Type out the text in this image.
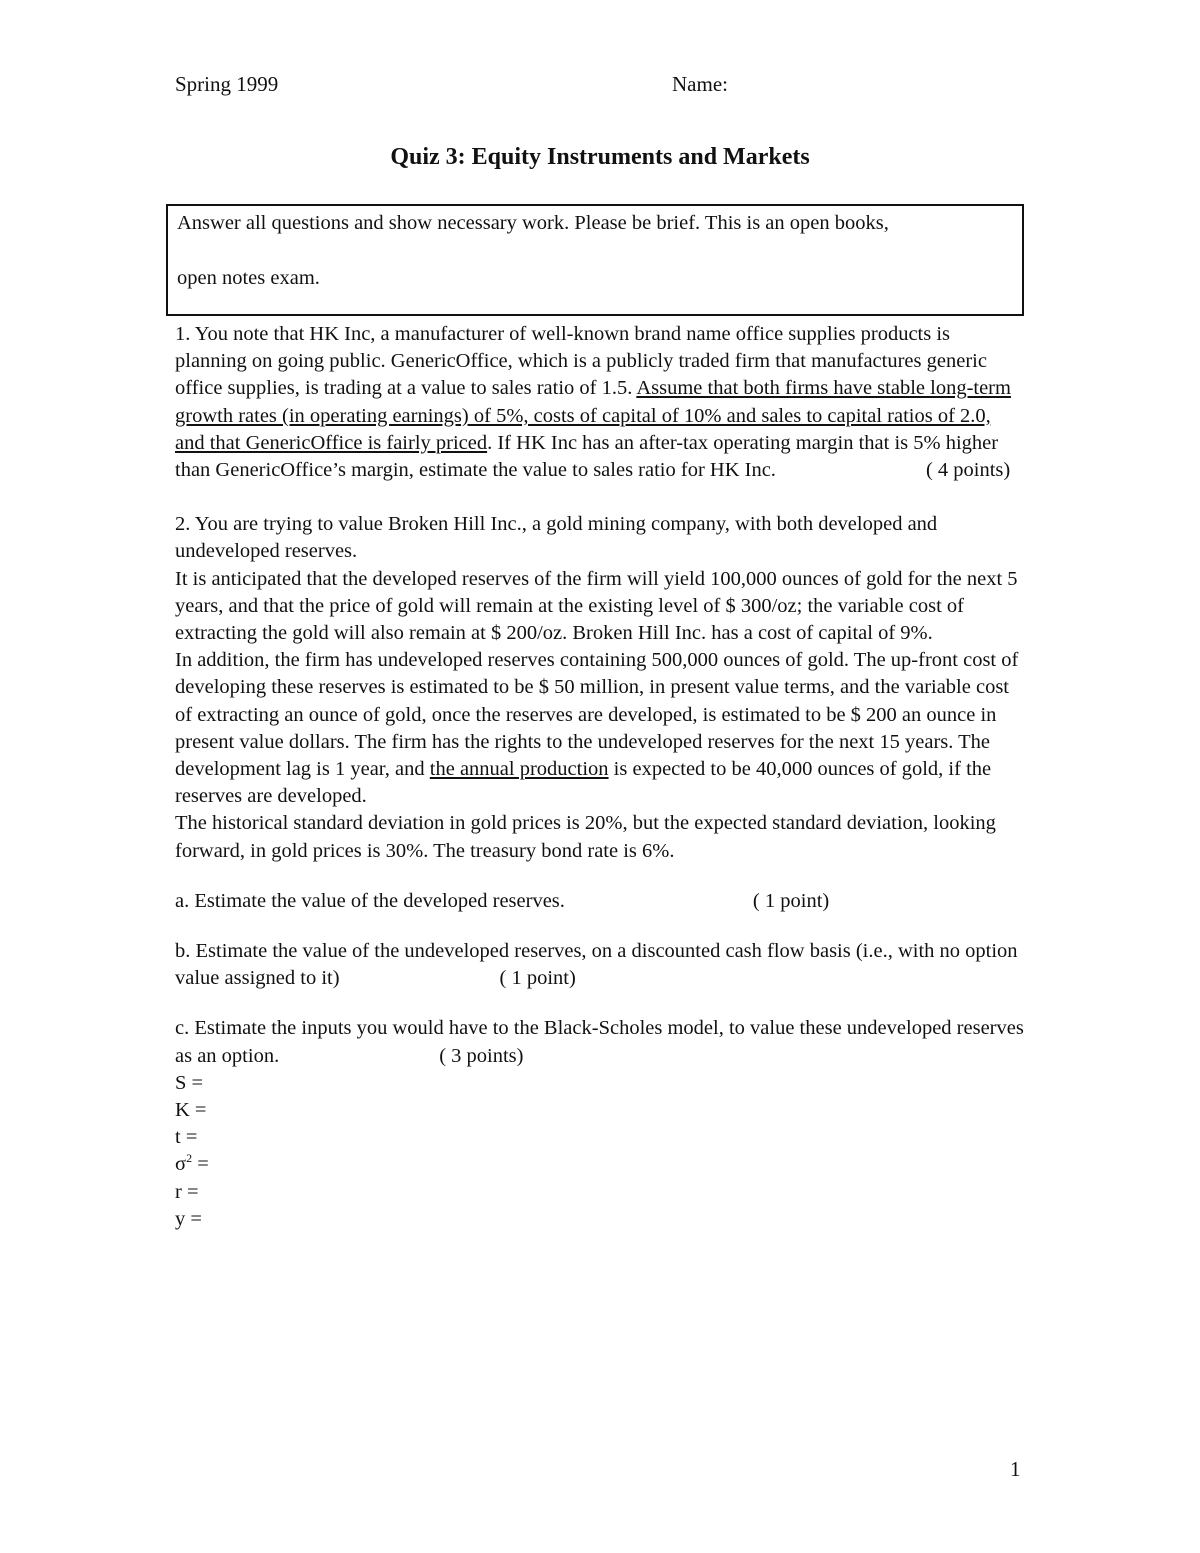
Spring 1999	Name:
Quiz 3: Equity Instruments and Markets

Answer all questions and show necessary work. Please be brief. This is an open books,

open notes exam.

1. You note that HK Inc, a manufacturer of well-known brand name office supplies products is planning on going public. GenericOffice, which is a publicly traded firm that manufactures generic office supplies, is trading at a value to sales ratio of 1.5. Assume that both firms have stable long-term growth rates (in operating earnings) of 5%, costs of capital of 10% and sales to capital ratios of 2.0, and that GenericOffice is fairly priced. If HK Inc has an after-tax operating margin that is 5% higher than GenericOffice’s margin, estimate the value to sales ratio for HK Inc.	( 4 points)

2. You are trying to value Broken Hill Inc., a gold mining company, with both developed and undeveloped reserves.

It is anticipated that the developed reserves of the firm will yield 100,000 ounces of gold for the next 5 years, and that the price of gold will remain at the existing level of $ 300/oz; the variable cost of extracting the gold will also remain at $ 200/oz. Broken Hill Inc. has a cost of capital of 9%.

In addition, the firm has undeveloped reserves containing 500,000 ounces of gold. The up-front cost of developing these reserves is estimated to be $ 50 million, in present value terms, and the variable cost of extracting an ounce of gold, once the reserves are developed, is estimated to be $ 200 an ounce in present value dollars. The firm has the rights to the undeveloped reserves for the next 15 years. The development lag is 1 year, and the annual production is expected to be 40,000 ounces of gold, if the reserves are developed.

The historical standard deviation in gold prices is 20%, but the expected standard deviation, looking forward, in gold prices is 30%. The treasury bond rate is 6%.

a. Estimate the value of the developed reserves.	( 1 point)

b. Estimate the value of the undeveloped reserves, on a discounted cash flow basis (i.e., with no option value assigned to it)	( 1 point)

c. Estimate the inputs you would have to the Black-Scholes model, to value these undeveloped reserves as an option.	( 3 points)

S =

K =

t =

$\sigma^2$ =

r =

y =

1
